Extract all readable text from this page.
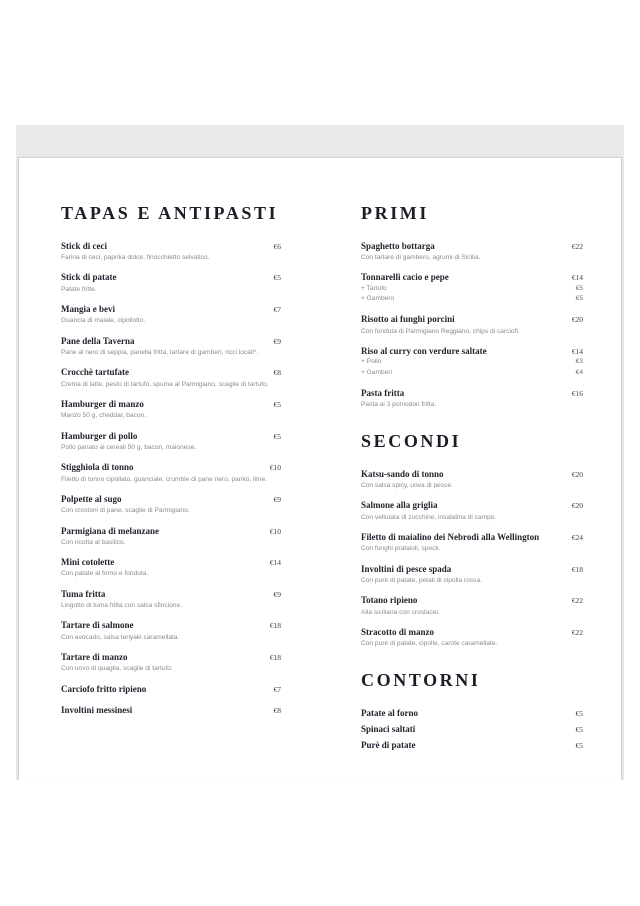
TAPAS E ANTIPASTI
Stick di ceci	€6
Farina di ceci, paprika dolce, finocchietto selvatico.
Stick di patate	€5
Patate fritte.
Mangia e bevi	€7
Guancia di maiale, cipollotto.
Pane della Taverna	€9
Pane al nero di seppia, panella fritta, tartare di gamberi, ricci locali*.
Crocchè tartufate	€8
Crema di latte, pesto di tartufo, spuma al Parmigiano, scaglie di tartufo.
Hamburger di manzo	€5
Manzo 50 g, cheddar, bacon.
Hamburger di pollo	€5
Pollo panato ai cereali 50 g, bacon, maionese.
Stigghiola di tonno	€10
Filetto di tonno cipollato, guanciale, crumble di pane nero, panko, lime.
Polpette al sugo	€9
Con crostoni di pane, scaglie di Parmigiano.
Parmigiana di melanzane	€10
Con ricotta al basilico.
Mini cotolette	€14
Con patate al forno e fonduta.
Tuma fritta	€9
Lingotto di tuma fritta con salsa sfincione.
Tartare di salmone	€18
Con avocado, salsa teriyaki caramellata.
Tartare di manzo	€18
Con uovo di quaglia, scaglie di tartufo.
Carciofo fritto ripieno	€7
Involtini messinesi	€8
PRIMI
Spaghetto bottarga	€22
Con tartare di gambero, agrumi di Sicilia.
Tonnarelli cacio e pepe	€14
+ Tartufo	€5
+ Gambero	€5
Risotto ai funghi porcini	€20
Con fonduta di Parmigiano Reggiano, chips di carciofi.
Riso al curry con verdure saltate	€14
+ Pollo	€3
+ Gamberi	€4
Pasta fritta	€16
Pasta ai 3 pomodori fritta.
SECONDI
Katsu-sando di tonno	€20
Con salsa spicy, uova di pesce.
Salmone alla griglia	€20
Con vellutata di zucchine, insalatina di campo.
Filetto di maialino dei Nebrodi alla Wellington	€24
Con funghi prataioli, speck.
Involtini di pesce spada	€18
Con purè di patate, petali di cipolla rossa.
Totano ripieno	€22
Alla siciliana con crostacei.
Stracotto di manzo	€22
Con purè di patate, cipolle, carote caramellate.
CONTORNI
Patate al forno	€5
Spinaci saltati	€5
Purè di patate	€5
